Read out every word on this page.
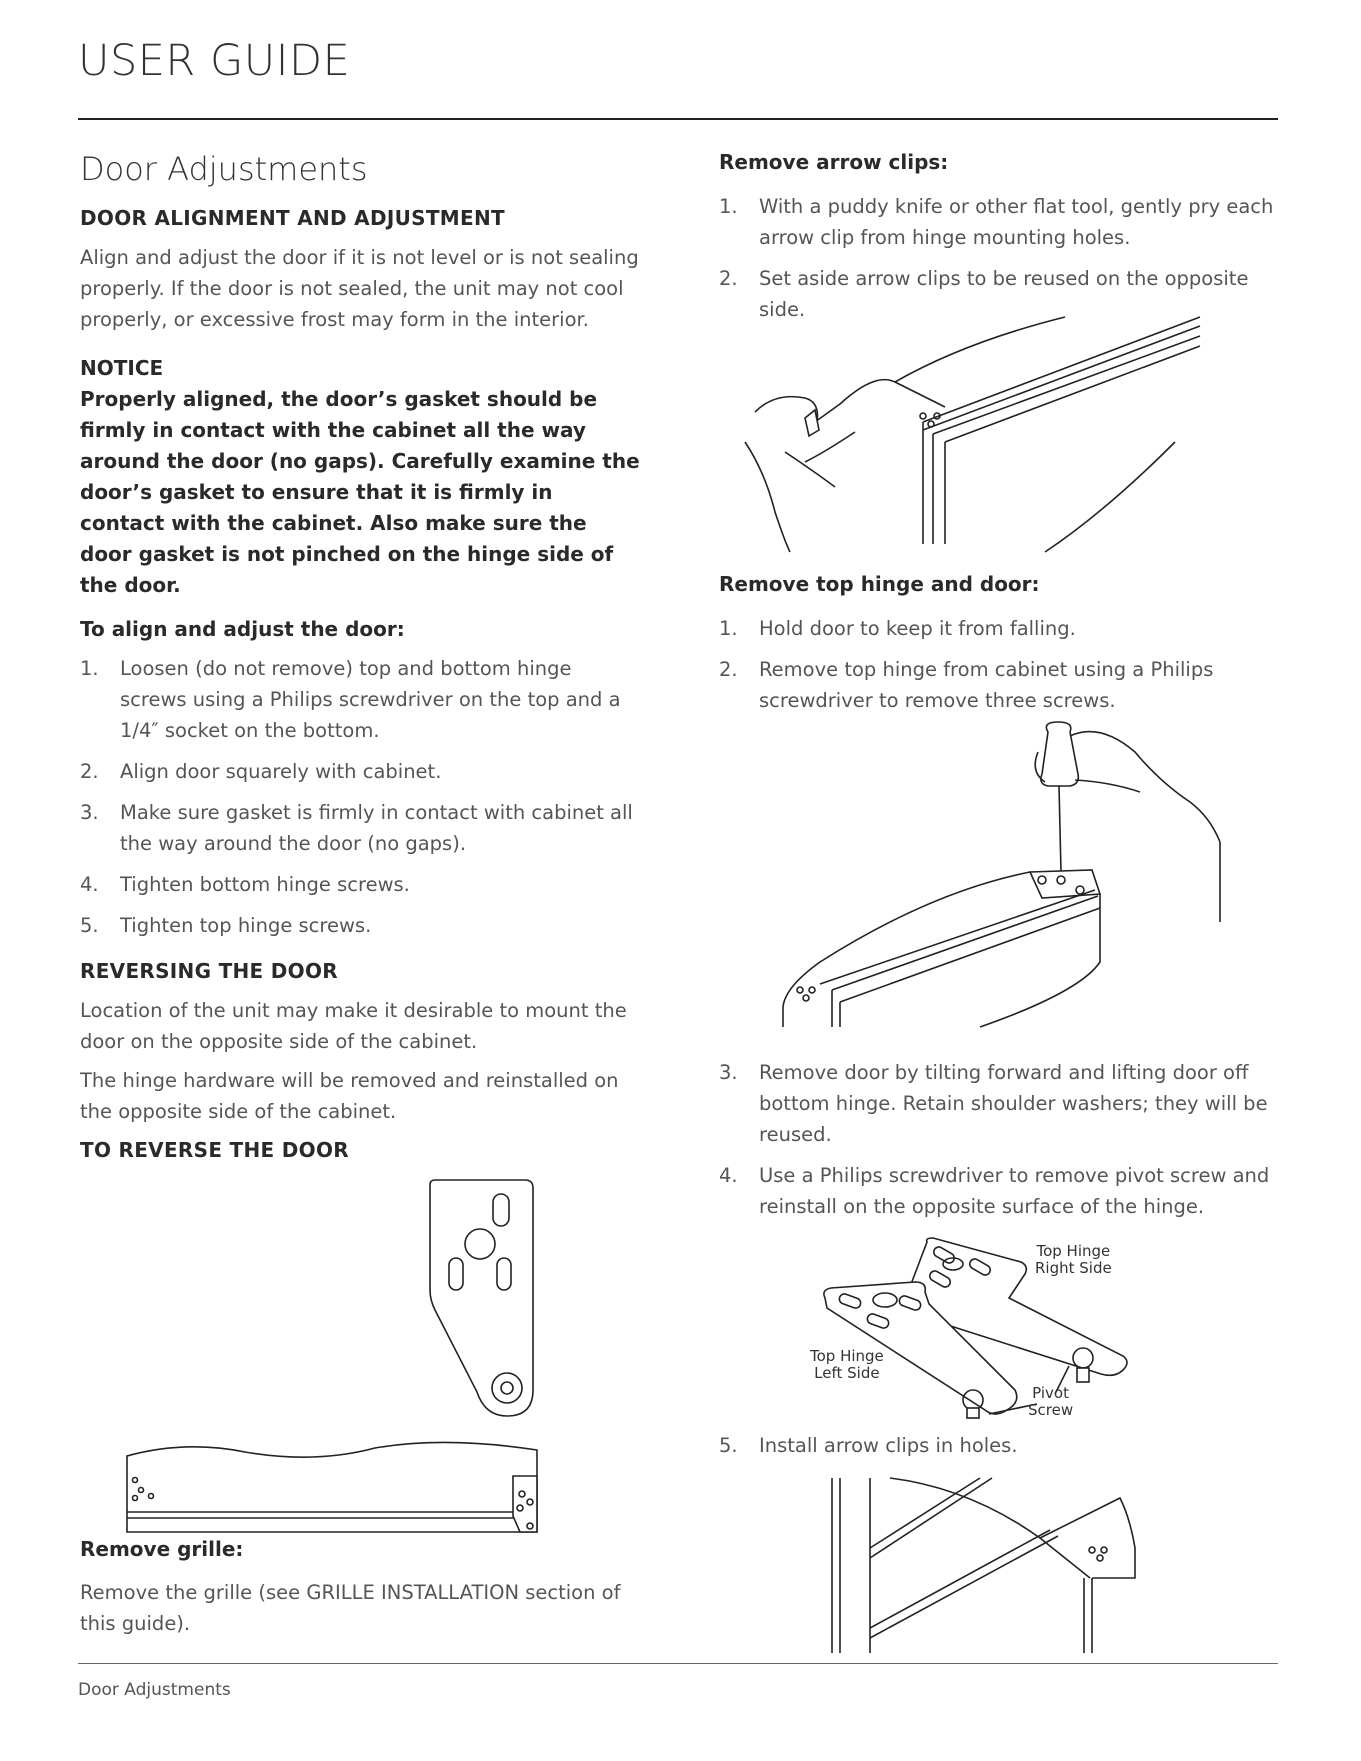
USER GUIDE
Door Adjustments
DOOR ALIGNMENT AND ADJUSTMENT

Align and adjust the door if it is not level or is not sealing properly. If the door is not sealed, the unit may not cool properly, or excessive frost may form in the interior.

NOTICE
Properly aligned, the door’s gasket should be firmly in contact with the cabinet all the way around the door (no gaps). Carefully examine the door’s gasket to ensure that it is firmly in contact with the cabinet. Also make sure the door gasket is not pinched on the hinge side of the door.
To align and adjust the door:
1. Loosen (do not remove) top and bottom hinge screws using a Philips screwdriver on the top and a 1/4″ socket on the bottom.
2. Align door squarely with cabinet.
3. Make sure gasket is firmly in contact with cabinet all the way around the door (no gaps).
4. Tighten bottom hinge screws.
5. Tighten top hinge screws.
REVERSING THE DOOR

Location of the unit may make it desirable to mount the door on the opposite side of the cabinet.

The hinge hardware will be removed and reinstalled on the opposite side of the cabinet.

TO REVERSE THE DOOR
Remove grille:

Remove the grille (see GRILLE INSTALLATION section of this guide).

Remove arrow clips:
1. With a puddy knife or other flat tool, gently pry each arrow clip from hinge mounting holes.
2. Set aside arrow clips to be reused on the opposite side.
Remove top hinge and door:
1. Hold door to keep it from falling.
2. Remove top hinge from cabinet using a Philips screwdriver to remove three screws.
3. Remove door by tilting forward and lifting door off bottom hinge. Retain shoulder washers; they will be reused.
4. Use a Philips screwdriver to remove pivot screw and reinstall on the opposite surface of the hinge.
Top Hinge
Right Side
Top Hinge
Left Side
Pivot
Screw
5. Install arrow clips in holes.
Door Adjustments
